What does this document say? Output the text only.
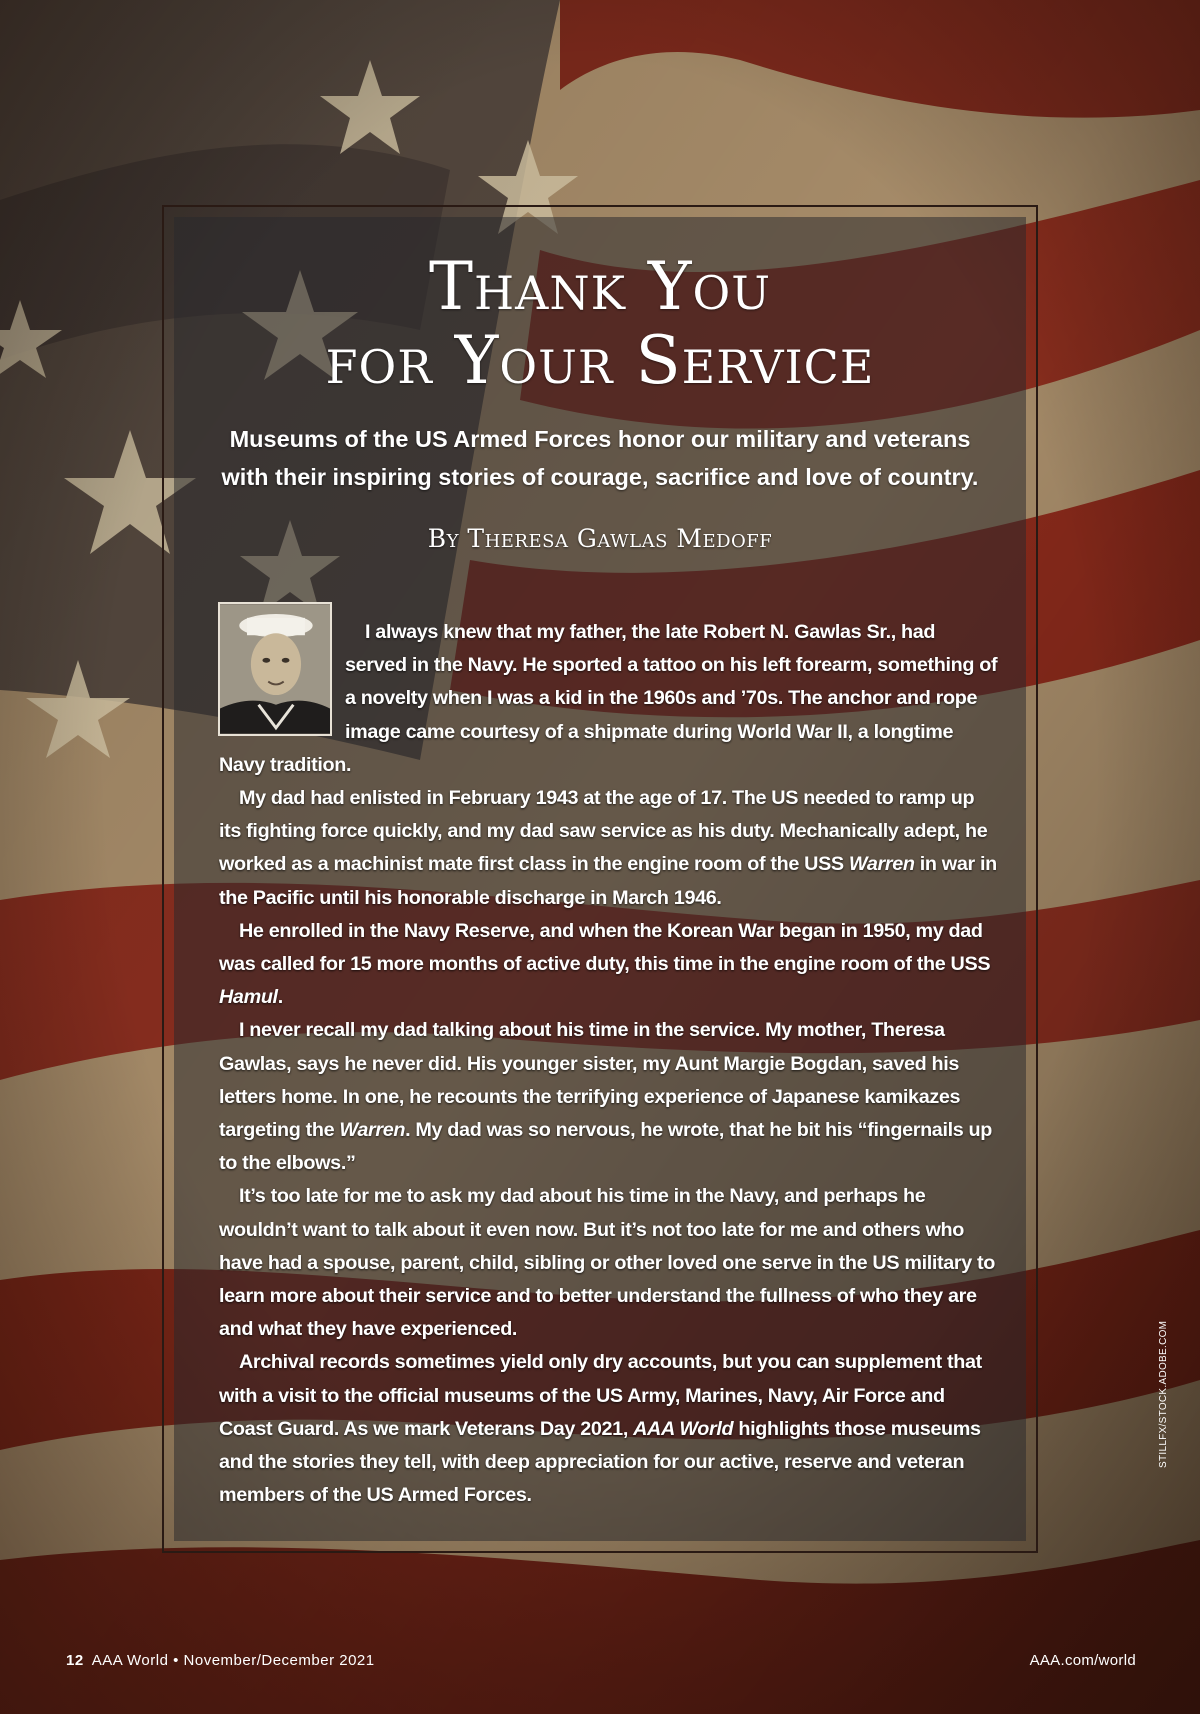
Thank You
for Your Service
Museums of the US Armed Forces honor our military and veterans
with their inspiring stories of courage, sacrifice and love of country.
By Theresa Gawlas Medoff

I always knew that my father, the late Robert N. Gawlas Sr., had served in the Navy. He sported a tattoo on his left forearm, something of a novelty when I was a kid in the 1960s and ’70s. The anchor and rope image came courtesy of a shipmate during World War II, a longtime Navy tradition.

My dad had enlisted in February 1943 at the age of 17. The US needed to ramp up its fighting force quickly, and my dad saw service as his duty. Mechanically adept, he worked as a machinist mate first class in the engine room of the USS Warren in war in the Pacific until his honorable discharge in March 1946.

He enrolled in the Navy Reserve, and when the Korean War began in 1950, my dad was called for 15 more months of active duty, this time in the engine room of the USS Hamul.

I never recall my dad talking about his time in the service. My mother, Theresa Gawlas, says he never did. His younger sister, my Aunt Margie Bogdan, saved his letters home. In one, he recounts the terrifying experience of Japanese kamikazes targeting the Warren. My dad was so nervous, he wrote, that he bit his “fingernails up to the elbows.”

It’s too late for me to ask my dad about his time in the Navy, and perhaps he wouldn’t want to talk about it even now. But it’s not too late for me and others who have had a spouse, parent, child, sibling or other loved one serve in the US military to learn more about their service and to better understand the fullness of who they are and what they have experienced.

Archival records sometimes yield only dry accounts, but you can supplement that with a visit to the official museums of the US Army, Marines, Navy, Air Force and Coast Guard. As we mark Veterans Day 2021, AAA World highlights those museums and the stories they tell, with deep appreciation for our active, reserve and veteran members of the US Armed Forces.

12 AAA World • November/December 2021	AAA.com/world
STILLFX/STOCK.ADOBE.COM
